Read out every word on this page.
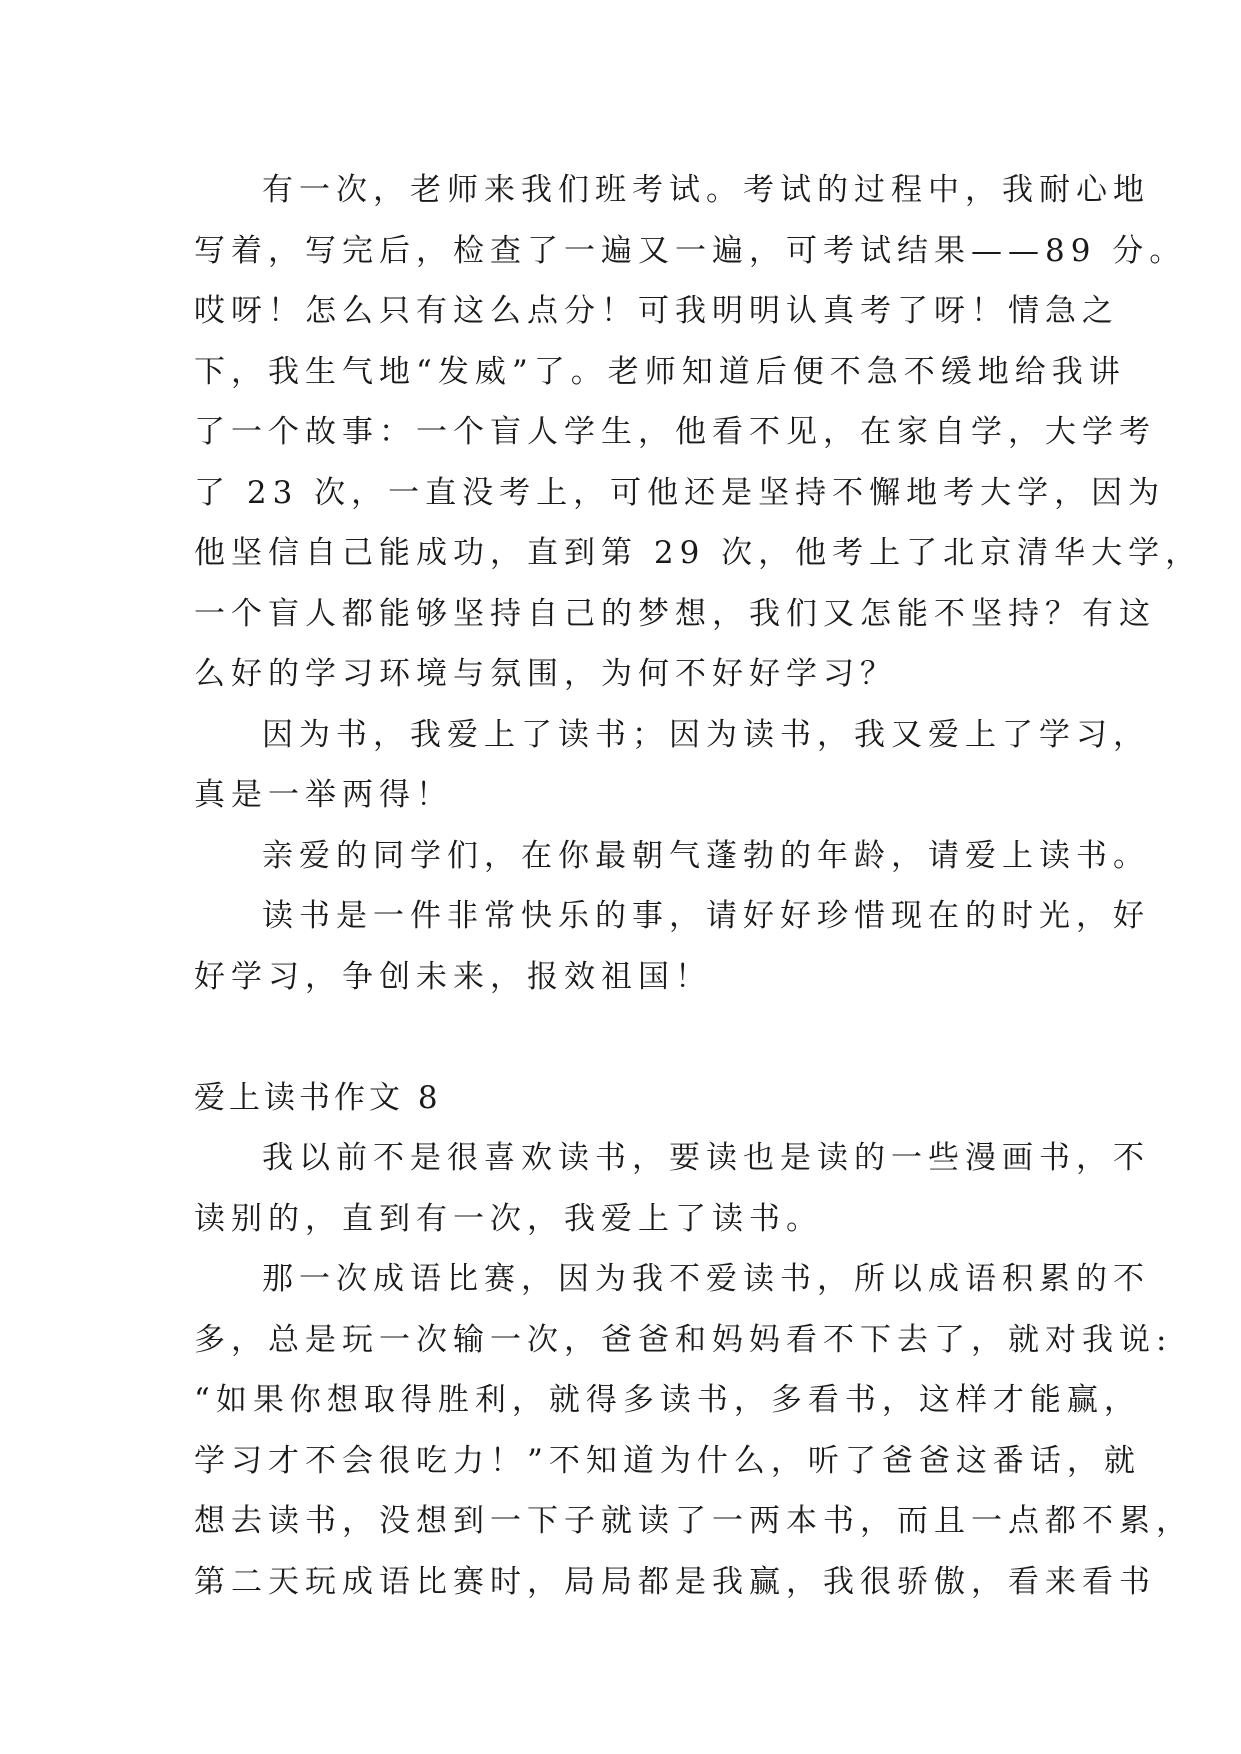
有一次，老师来我们班考试。考试的过程中，我耐心地
写着，写完后，检查了一遍又一遍，可考试结果——89 分。
哎呀！怎么只有这么点分！可我明明认真考了呀！情急之
下，我生气地“发威”了。老师知道后便不急不缓地给我讲
了一个故事：一个盲人学生，他看不见，在家自学，大学考
了 23 次，一直没考上，可他还是坚持不懈地考大学，因为
他坚信自己能成功，直到第 29 次，他考上了北京清华大学，
一个盲人都能够坚持自己的梦想，我们又怎能不坚持？有这
么好的学习环境与氛围，为何不好好学习？
因为书，我爱上了读书；因为读书，我又爱上了学习，
真是一举两得！
亲爱的同学们，在你最朝气蓬勃的年龄，请爱上读书。
读书是一件非常快乐的事，请好好珍惜现在的时光，好
好学习，争创未来，报效祖国！
爱上读书作文 8
我以前不是很喜欢读书，要读也是读的一些漫画书，不
读别的，直到有一次，我爱上了读书。
那一次成语比赛，因为我不爱读书，所以成语积累的不
多，总是玩一次输一次，爸爸和妈妈看不下去了，就对我说:
“如果你想取得胜利，就得多读书，多看书，这样才能赢，
学习才不会很吃力！”不知道为什么，听了爸爸这番话，就
想去读书，没想到一下子就读了一两本书，而且一点都不累，
第二天玩成语比赛时，局局都是我赢，我很骄傲，看来看书
